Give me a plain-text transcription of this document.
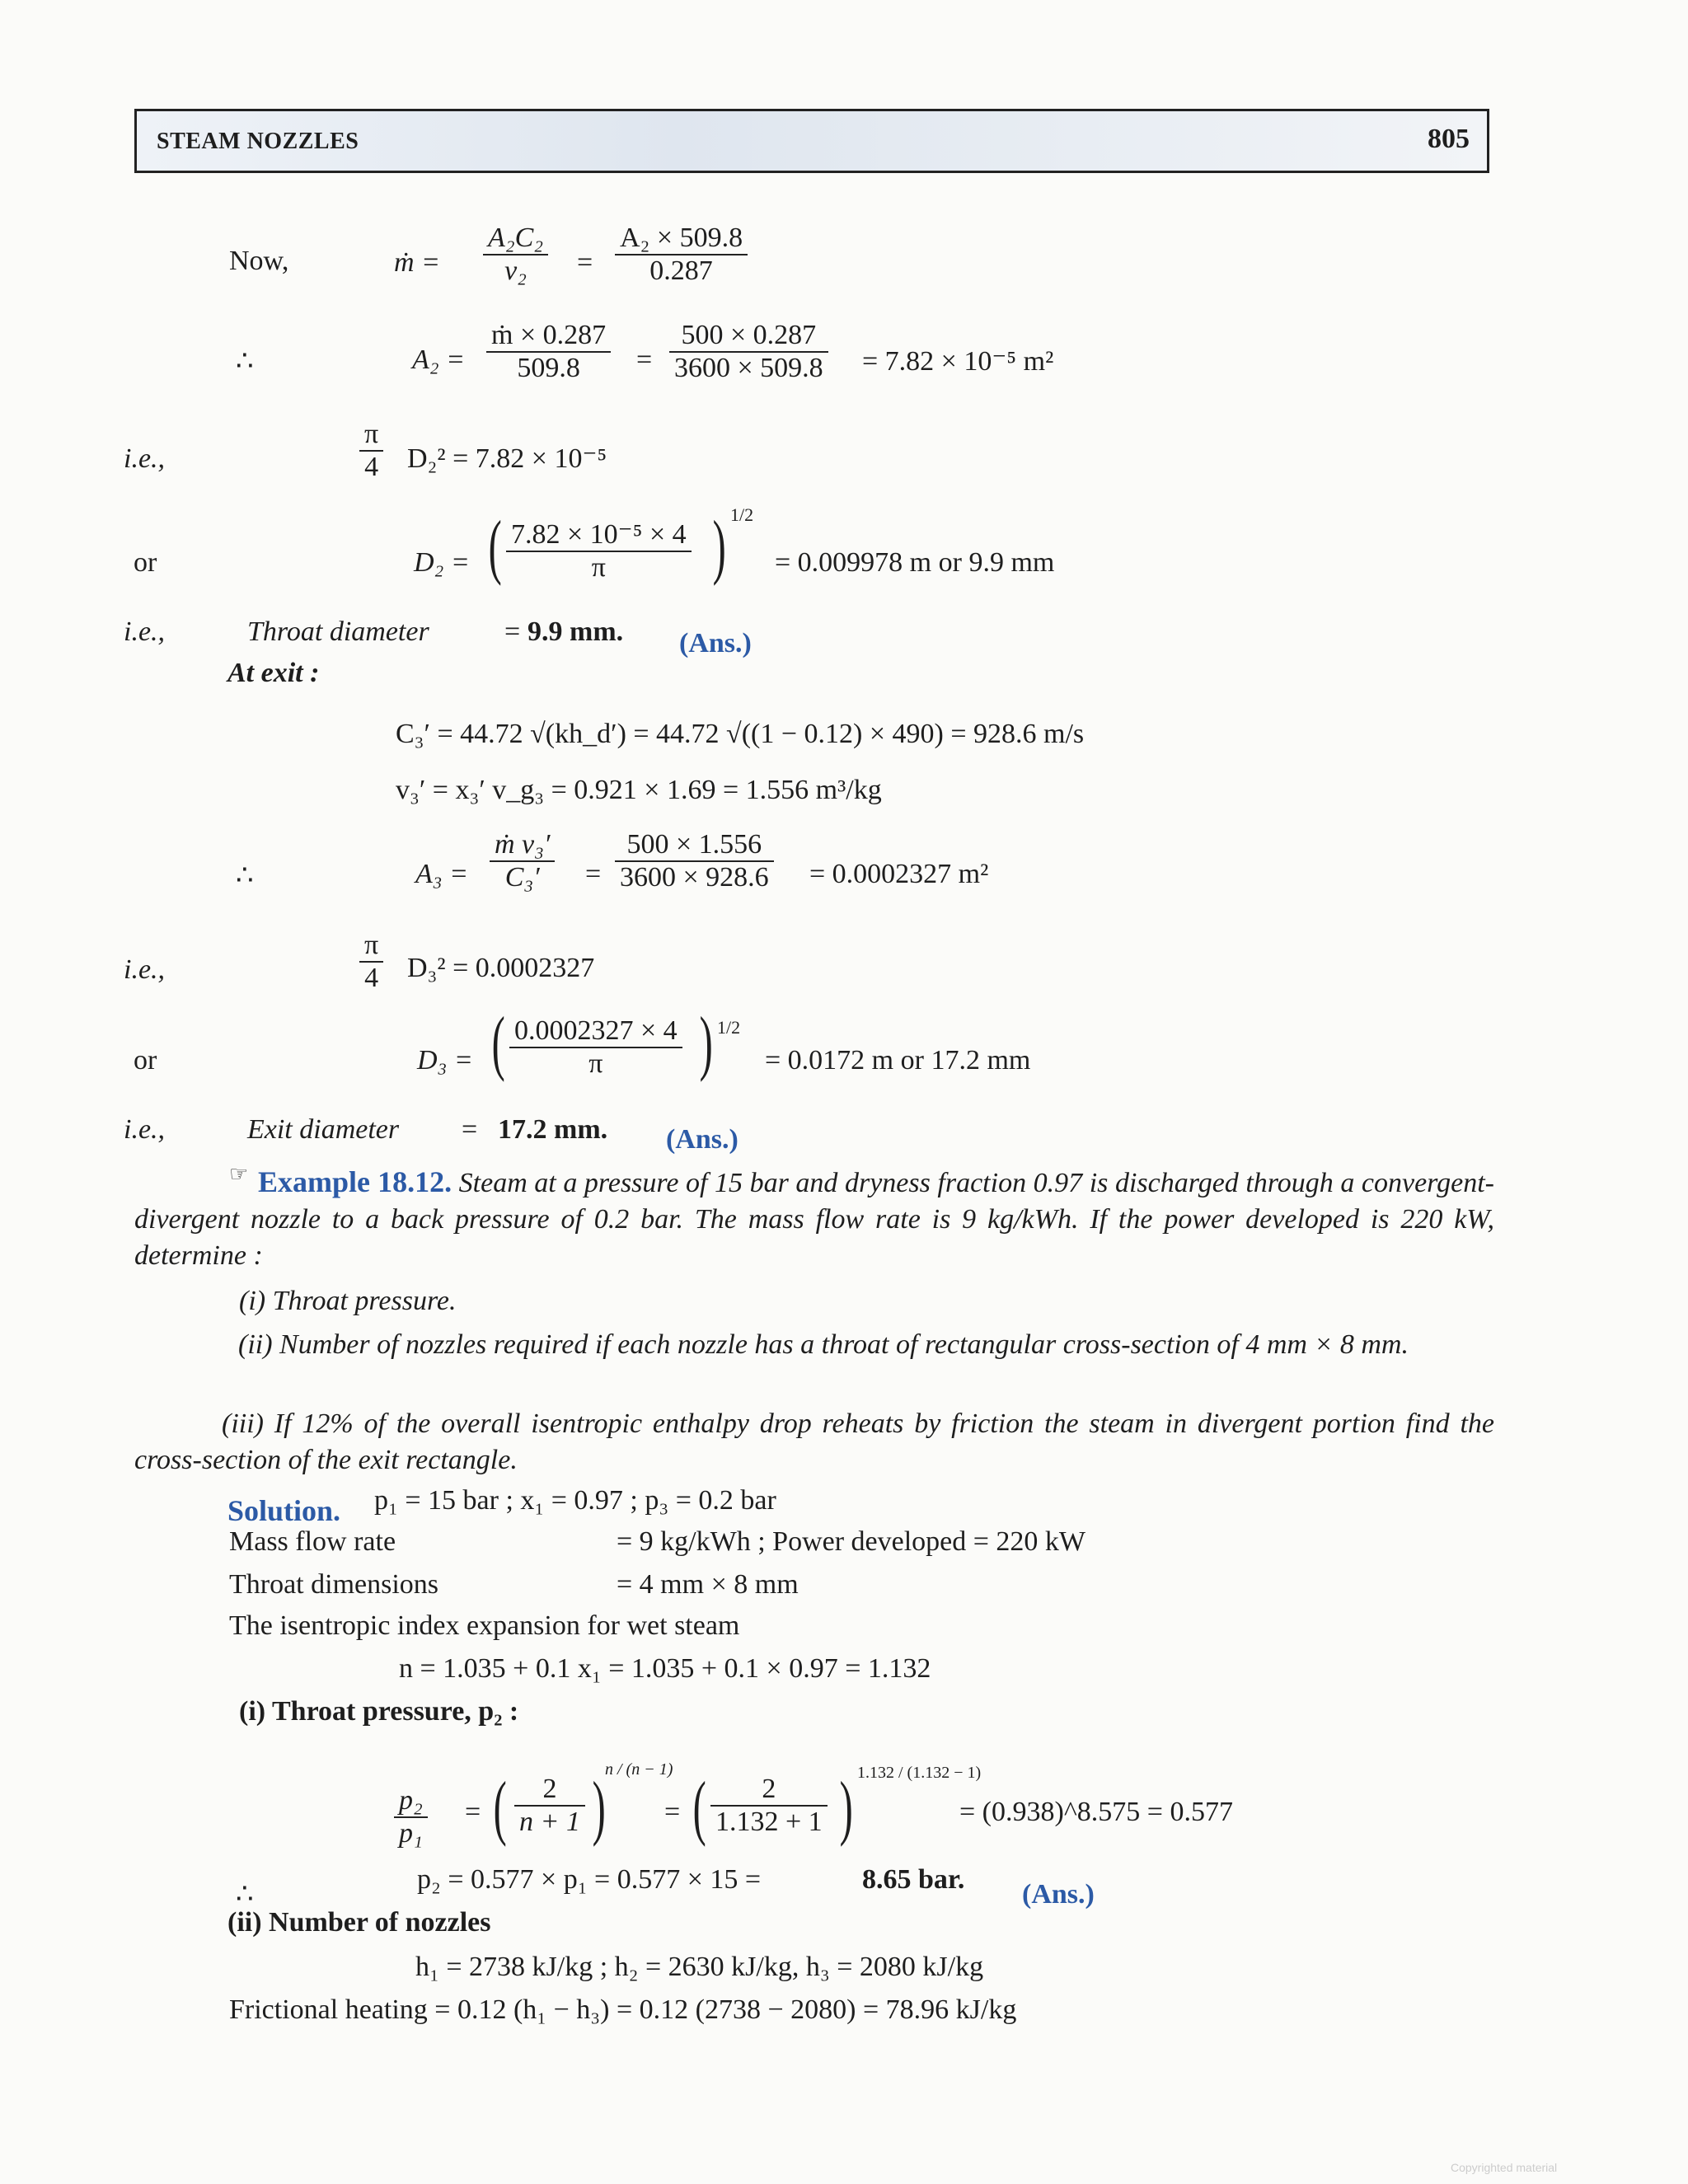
STEAM NOZZLES	805
Now,	ṁ = $\frac{\text{A₂C₂}}{\text{v₂}} = \frac{\text{A₂ × 509.8}}{0.287}$
∴	$A_2 = \frac{\text{ṁ × 0.287}}{509.8} = \frac{500 \times 0.287}{3600 \times 509.8} = 7.82 \times 10^{-5}$ m²
i.e.,	$\frac{\pi}{4} D_2^2 = 7.82 \times 10^{-5}$
or	D₂ = ( $\frac{\text{7.82 × 10⁻⁵ × 4}}{\pi}$ ) 1/2
= 0.009978 m or 9.9 mm
i.e.,	Throat diameter	= 9.9 mm. (Ans.)
At exit :
C₃′ = 44.72 √(kh_d′) = 44.72 √((1 − 0.12) × 490) = 928.6 m/s
v₃′ = x₃′ v_g₃ = 0.921 × 1.69 = 1.556 m³/kg
∴	$A_3 = \frac{\text{ṁ v₃′}}{\text{C₃′}} = \frac{500 \times 1.556}{3600 \times 928.6} = 0.0002327$ m²
i.e.,	$\frac{\pi}{4} D_3^2 = 0.0002327$
or	D₃ = ( $\frac{0.0002327 \times 4}{\pi}$ ) 1/2
= 0.0172 m or 17.2 mm
i.e.,	Exit diameter = 17.2 mm. (Ans.)
☞ Example 18.12. Steam at a pressure of 15 bar and dryness fraction 0.97 is discharged through a convergent-divergent nozzle to a back pressure of 0.2 bar. The mass flow rate is 9 kg/kWh. If the power developed is 220 kW, determine :
(i) Throat pressure.
(ii) Number of nozzles required if each nozzle has a throat of rectangular cross-section of 4 mm × 8 mm.
(iii) If 12% of the overall isentropic enthalpy drop reheats by friction the steam in divergent portion find the cross-section of the exit rectangle.
Solution. p₁ = 15 bar ; x₁ = 0.97 ; p₃ = 0.2 bar
Mass flow rate	= 9 kg/kWh ; Power developed = 220 kW
Throat dimensions	= 4 mm × 8 mm
The isentropic index expansion for wet steam
n = 1.035 + 0.1 x₁ = 1.035 + 0.1 × 0.97 = 1.132
(i) Throat pressure, p₂ :
$\frac{\text{p₂}}{\text{p₁}}$ = ( $\frac{2}{n + 1}$ ) n / (n − 1)
= ( $\frac{2}{1.132 + 1}$ ) 1.132 / (1.132 − 1)
= (0.938)^8.575 = 0.577
∴	p₂ = 0.577 × p₁ = 0.577 × 15 =	8.65 bar. (Ans.)
(ii) Number of nozzles
h₁ = 2738 kJ/kg ; h₂ = 2630 kJ/kg, h₃ = 2080 kJ/kg
Frictional heating = 0.12 (h₁ − h₃) = 0.12 (2738 − 2080) = 78.96 kJ/kg
Copyrighted material
